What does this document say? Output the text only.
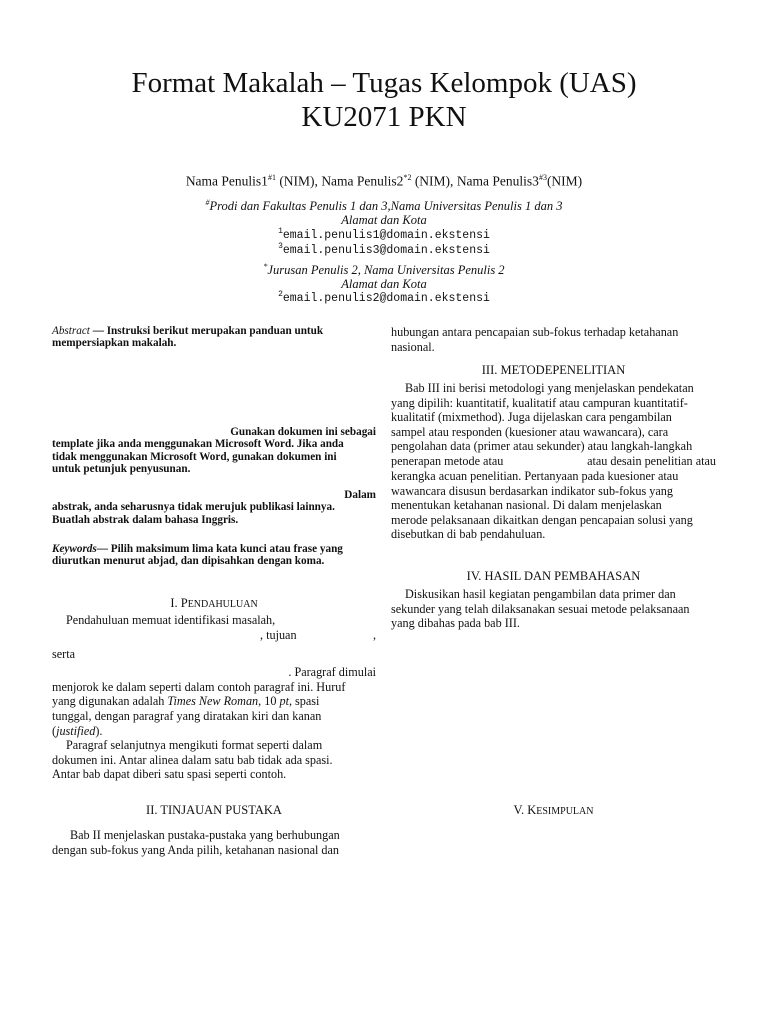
Format Makalah – Tugas Kelompok (UAS)
KU2071 PKN
Nama Penulis1$^{\#1}$ (NIM), Nama Penulis2$^{*2}$ (NIM), Nama Penulis3$^{\#3}$(NIM)
#Prodi dan Fakultas Penulis 1 dan 3,Nama Universitas Penulis 1 dan 3
Alamat dan Kota
$^1$email.penulis1@domain.ekstensi
$^3$email.penulis3@domain.ekstensi
*Jurusan Penulis 2, Nama Universitas Penulis 2
Alamat dan Kota
$^2$email.penulis2@domain.ekstensi
Abstract — Instruksi berikut merupakan panduan untuk
mempersiapkan makalah.
Gunakan dokumen ini sebagai
template jika anda menggunakan Microsoft Word. Jika anda
tidak menggunakan Microsoft Word, gunakan dokumen ini
untuk petunjuk penyusunan.
Dalam
abstrak, anda seharusnya tidak merujuk publikasi lainnya.
Buatlah abstrak dalam bahasa Inggris.
Keywords— Pilih maksimum lima kata kunci atau frase yang
diurutkan menurut abjad, dan dipisahkan dengan koma.
I. PENDAHULUAN
Pendahuluan memuat identifikasi masalah,
, tujuan	,
serta
. Paragraf dimulai
menjorok ke dalam seperti dalam contoh paragraf ini. Huruf
yang digunakan adalah Times New Roman, 10 pt, spasi
tunggal, dengan paragraf yang diratakan kiri dan kanan
(justified).
Paragraf selanjutnya mengikuti format seperti dalam
dokumen ini. Antar alinea dalam satu bab tidak ada spasi.
Antar bab dapat diberi satu spasi seperti contoh.
II. TINJAUAN PUSTAKA
Bab II menjelaskan pustaka-pustaka yang berhubungan
dengan sub-fokus yang Anda pilih, ketahanan nasional dan
hubungan antara pencapaian sub-fokus terhadap ketahanan
nasional.
III. METODEPENELITIAN
Bab III ini berisi metodologi yang menjelaskan pendekatan
yang dipilih: kuantitatif, kualitatif atau campuran kuantitatif-
kualitatif (mixmethod). Juga dijelaskan cara pengambilan
sampel atau responden (kuesioner atau wawancara), cara
pengolahan data (primer atau sekunder) atau langkah-langkah
penerapan metode atau	atau desain penelitian atau
kerangka acuan penelitian. Pertanyaan pada kuesioner atau
wawancara disusun berdasarkan indikator sub-fokus yang
menentukan ketahanan nasional. Di dalam menjelaskan
merode pelaksanaan dikaitkan dengan pencapaian solusi yang
disebutkan di bab pendahuluan.
IV. HASIL DAN PEMBAHASAN
Diskusikan hasil kegiatan pengambilan data primer dan
sekunder yang telah dilaksanakan sesuai metode pelaksanaan
yang dibahas pada bab III.
V. KESIMPULAN
